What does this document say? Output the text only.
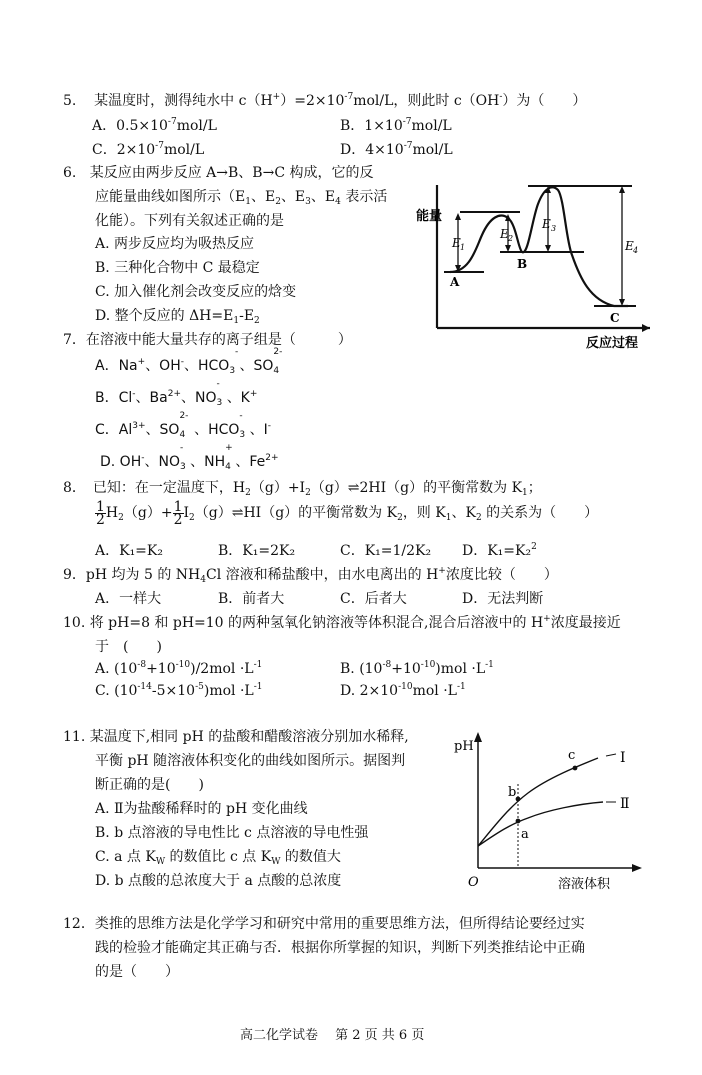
5. 某温度时，测得纯水中 $c(H^+)=2\times 10^{-7}mol/L$，则此时 c（OH-）为（　　）
A．$0.5\times 10^{-7}mol/L$	B．$1\times 10^{-7}mol/L$
C．$2\times 10^{-7}mol/L$	D．$4\times 10^{-7}mol/L$
6. 某反应由两步反应 A→B、B→C 构成，它的反
应能量曲线如图所示（$E_1$、$E_2$、$E_3$、$E_4$ 表示活
化能）。下列有关叙述正确的是
A. 两步反应均为吸热反应
B. 三种化合物中 C 最稳定
C. 加入催化剂会改变反应的焓变
D. 整个反应的 $\Delta H=E_1-E_2$
能量
反应过程
E 1
E 2
E 3
E 4
A
B
C
7．在溶液中能大量共存的离子组是（　　　）
A．Na+、OH-、$HCO_3$
-
、$SO_4$
2-
B．Cl-、$Ba^{2+}$、$NO_3$
-
、K+
C．$Al^{3+}$、$SO_4$
2-
、$HCO_3$
-
、I-
D. OH-、$NO_3$
-
、$NH_4$
+
、$Fe^{2+}$
8．　已知：在一定温度下，$H_2(g)+I_2(g)\rightleftharpoons 2HI(g)$的平衡常数为 $K_1$；
$\frac{1}{2} H_2(g)+ \frac{1}{2}$ $I_2(g)\rightleftharpoons HI(g)$的平衡常数为 $K_2$，则 $K_1$、$K_2$ 的关系为（　　）
A．K₁=K₂	B．K₁=2K₂	C．K₁=1/2K₂ D．K₁=K₂$^2$
9．pH 均为 5 的 $NH_4Cl$ 溶液和稀盐酸中，由水电离出的 H+浓度比较（　　）
A．一样大	B．前者大	C．后者大	D．无法判断
10. 将 pH=8 和 pH=10 的两种氢氧化钠溶液等体积混合,混合后溶液中的 H+浓度最接近
于　(　　)
A. $(10^{-8}+10^{-10})/2mol \cdot L^{-1}$	B. $(10^{-8}+10^{-10})mol \cdot L^{-1}$
C. $(10^{-14}-5\times 10^{-5})mol \cdot L^{-1}$	D. $2\times 10^{-10}mol \cdot L^{-1}$
11. 某温度下,相同 pH 的盐酸和醋酸溶液分别加水稀释,
平衡 pH 随溶液体积变化的曲线如图所示。据图判
断正确的是(　　)
A. Ⅱ为盐酸稀释时的 pH 变化曲线
B. b 点溶液的导电性比 c 点溶液的导电性强
C. a 点 $K_W$ 的数值比 c 点 $K_W$ 的数值大
D. b 点酸的总浓度大于 a 点酸的总浓度
pH
O	溶液体积
b
a
c	Ⅰ
Ⅱ
12．类推的思维方法是化学学习和研究中常用的重要思维方法，但所得结论要经过实
践的检验才能确定其正确与否．根据你所掌握的知识，判断下列类推结论中正确
的是（　　）
高二化学试卷　 第 2 页 共 6 页
